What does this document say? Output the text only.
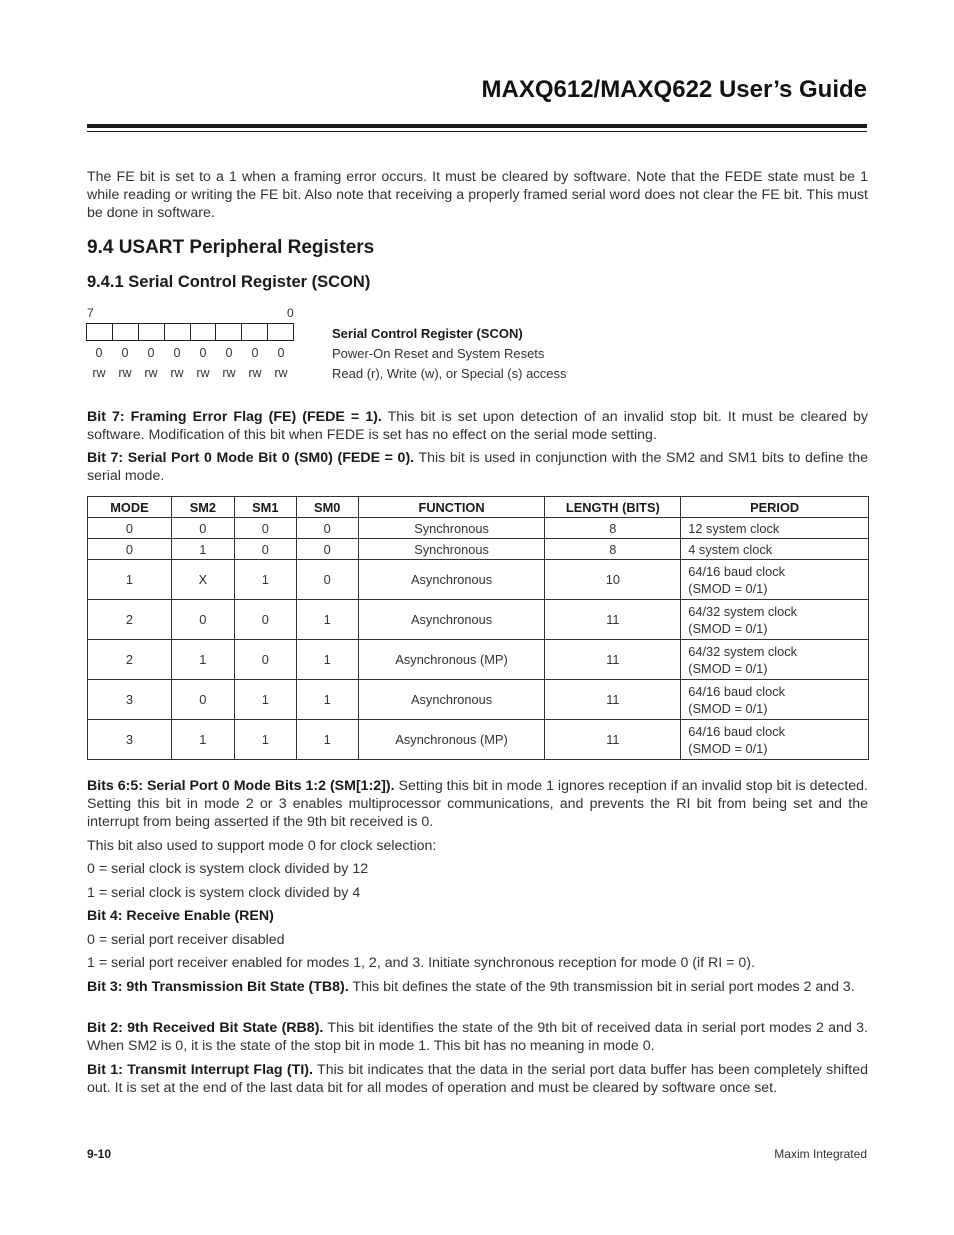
MAXQ612/MAXQ622 User’s Guide

The FE bit is set to a 1 when a framing error occurs. It must be cleared by software. Note that the FEDE state must be 1 while reading or writing the FE bit. Also note that receiving a properly framed serial word does not clear the FE bit. This must be done in software.

9.4 USART Peripheral Registers
9.4.1 Serial Control Register (SCON)
7	0
0	0	0	0	0	0	0	0
rw	rw	rw	rw	rw	rw	rw	rw
Serial Control Register (SCON)
Power-On Reset and System Resets
Read (r), Write (w), or Special (s) access

Bit 7: Framing Error Flag (FE) (FEDE = 1). This bit is set upon detection of an invalid stop bit. It must be cleared by software. Modification of this bit when FEDE is set has no effect on the serial mode setting.

Bit 7: Serial Port 0 Mode Bit 0 (SM0) (FEDE = 0). This bit is used in conjunction with the SM2 and SM1 bits to define the serial mode.

MODE	SM2	SM1	SM0	FUNCTION	LENGTH (BITS)	PERIOD
0	0	0	0	Synchronous	8	12 system clock
0	1	0	0	Synchronous	8	4 system clock
1	X	1	0	Asynchronous	10	64/16 baud clock
(SMOD = 0/1)
2	0	0	1	Asynchronous	11	64/32 system clock
(SMOD = 0/1)
2	1	0	1	Asynchronous (MP)	11	64/32 system clock
(SMOD = 0/1)
3	0	1	1	Asynchronous	11	64/16 baud clock
(SMOD = 0/1)
3	1	1	1	Asynchronous (MP)	11	64/16 baud clock
(SMOD = 0/1)

Bits 6:5: Serial Port 0 Mode Bits 1:2 (SM[1:2]). Setting this bit in mode 1 ignores reception if an invalid stop bit is detected. Setting this bit in mode 2 or 3 enables multiprocessor communications, and prevents the RI bit from being set and the interrupt from being asserted if the 9th bit received is 0.

This bit also used to support mode 0 for clock selection:

0 = serial clock is system clock divided by 12

1 = serial clock is system clock divided by 4

Bit 4: Receive Enable (REN)

0 = serial port receiver disabled

1 = serial port receiver enabled for modes 1, 2, and 3. Initiate synchronous reception for mode 0 (if RI = 0).

Bit 3: 9th Transmission Bit State (TB8). This bit defines the state of the 9th transmission bit in serial port modes 2 and 3.

Bit 2: 9th Received Bit State (RB8). This bit identifies the state of the 9th bit of received data in serial port modes 2 and 3. When SM2 is 0, it is the state of the stop bit in mode 1. This bit has no meaning in mode 0.

Bit 1: Transmit Interrupt Flag (TI). This bit indicates that the data in the serial port data buffer has been completely shifted out. It is set at the end of the last data bit for all modes of operation and must be cleared by software once set.

9-10	Maxim Integrated
